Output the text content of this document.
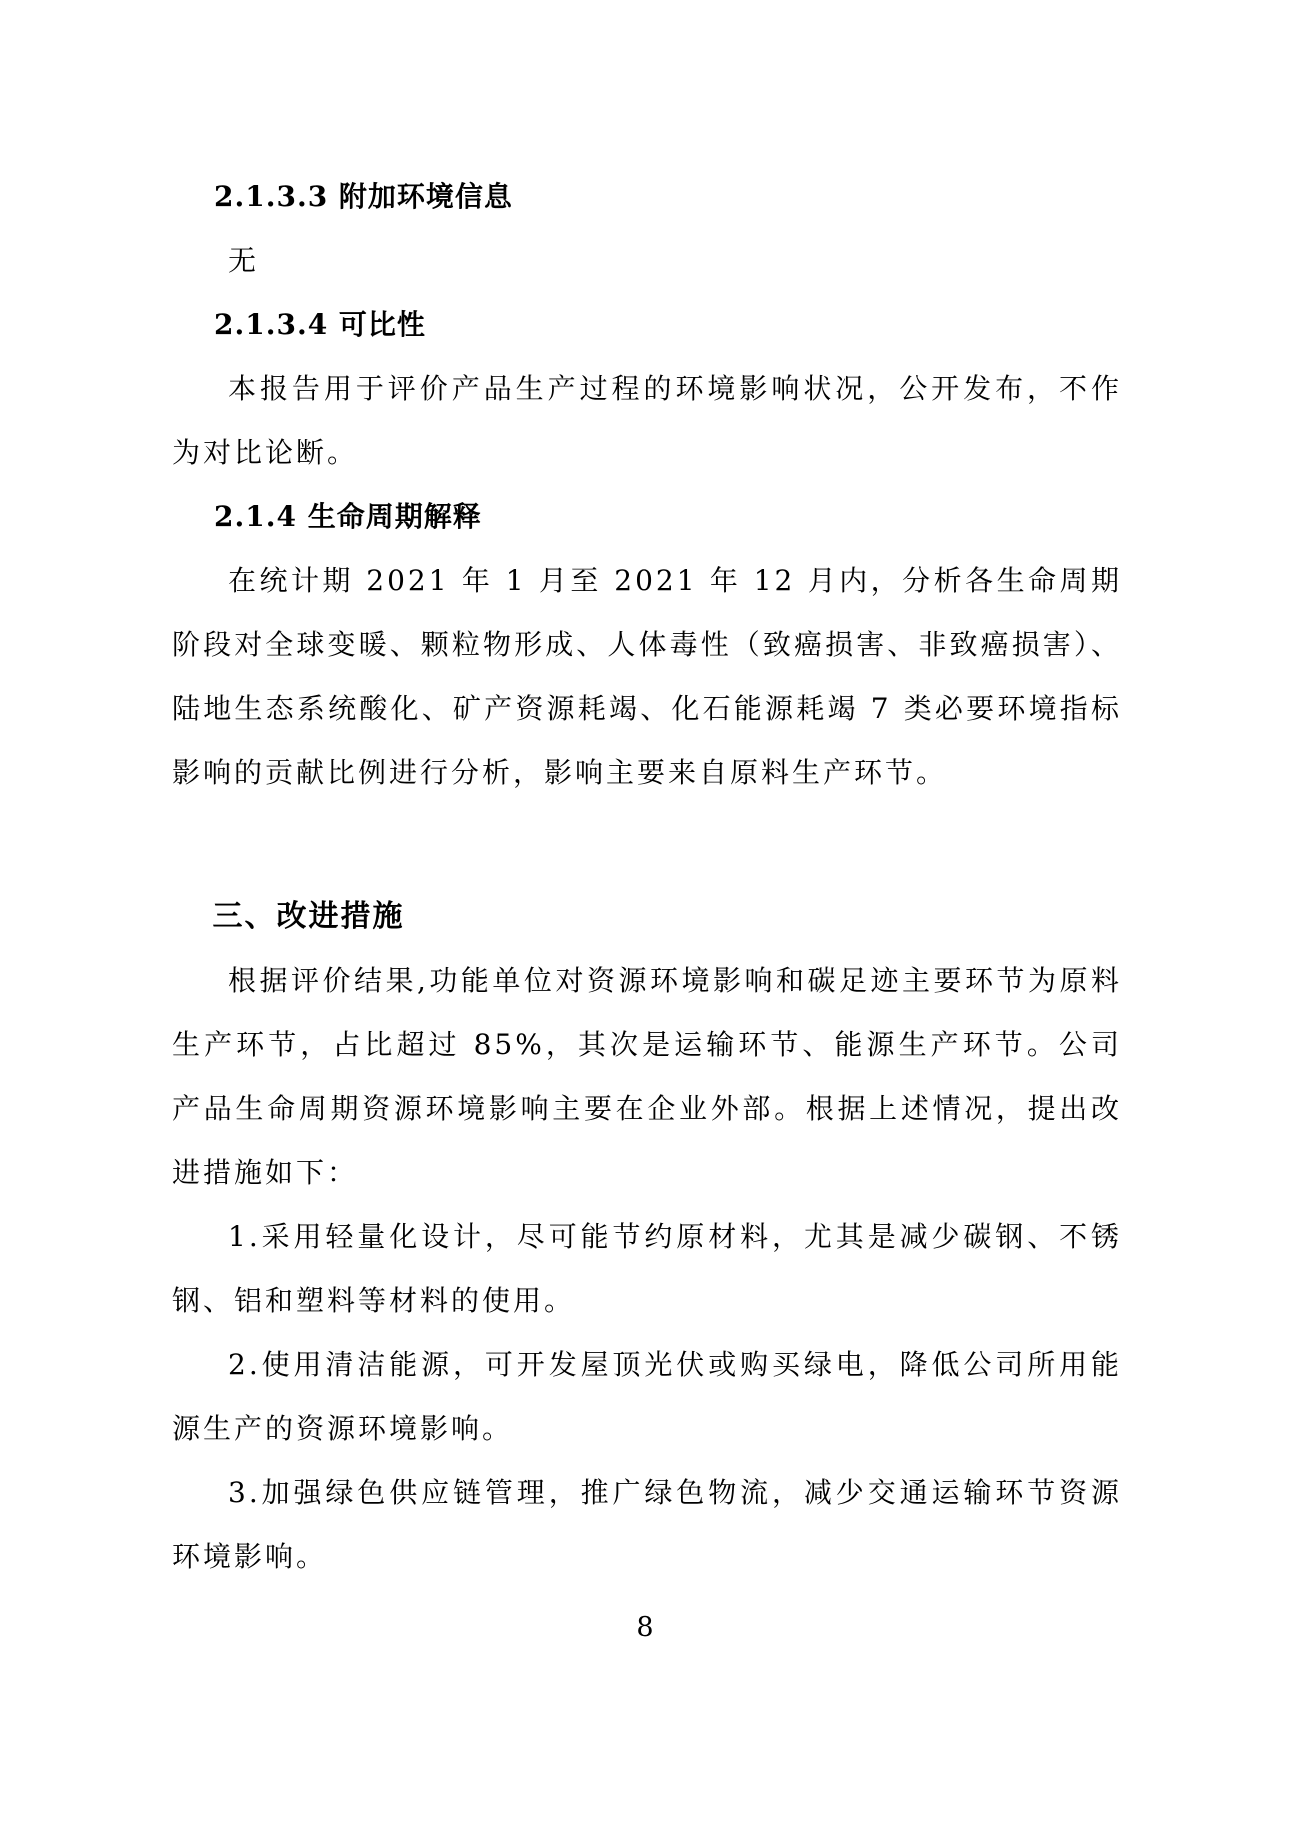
2.1.3.3 附加环境信息

无

2.1.3.4 可比性

本报告用于评价产品生产过程的环境影响状况，公开发布，不作为对比论断。

2.1.4 生命周期解释

在统计期 2021 年 1 月至 2021 年 12 月内，分析各生命周期阶段对全球变暖、颗粒物形成、人体毒性（致癌损害、非致癌损害）、陆地生态系统酸化、矿产资源耗竭、化石能源耗竭 7 类必要环境指标影响的贡献比例进行分析，影响主要来自原料生产环节。

三、改进措施

根据评价结果,功能单位对资源环境影响和碳足迹主要环节为原料生产环节，占比超过 85%，其次是运输环节、能源生产环节。公司产品生命周期资源环境影响主要在企业外部。根据上述情况，提出改进措施如下：

1.采用轻量化设计，尽可能节约原材料，尤其是减少碳钢、不锈钢、铝和塑料等材料的使用。

2.使用清洁能源，可开发屋顶光伏或购买绿电，降低公司所用能源生产的资源环境影响。

3.加强绿色供应链管理，推广绿色物流，减少交通运输环节资源环境影响。

8
